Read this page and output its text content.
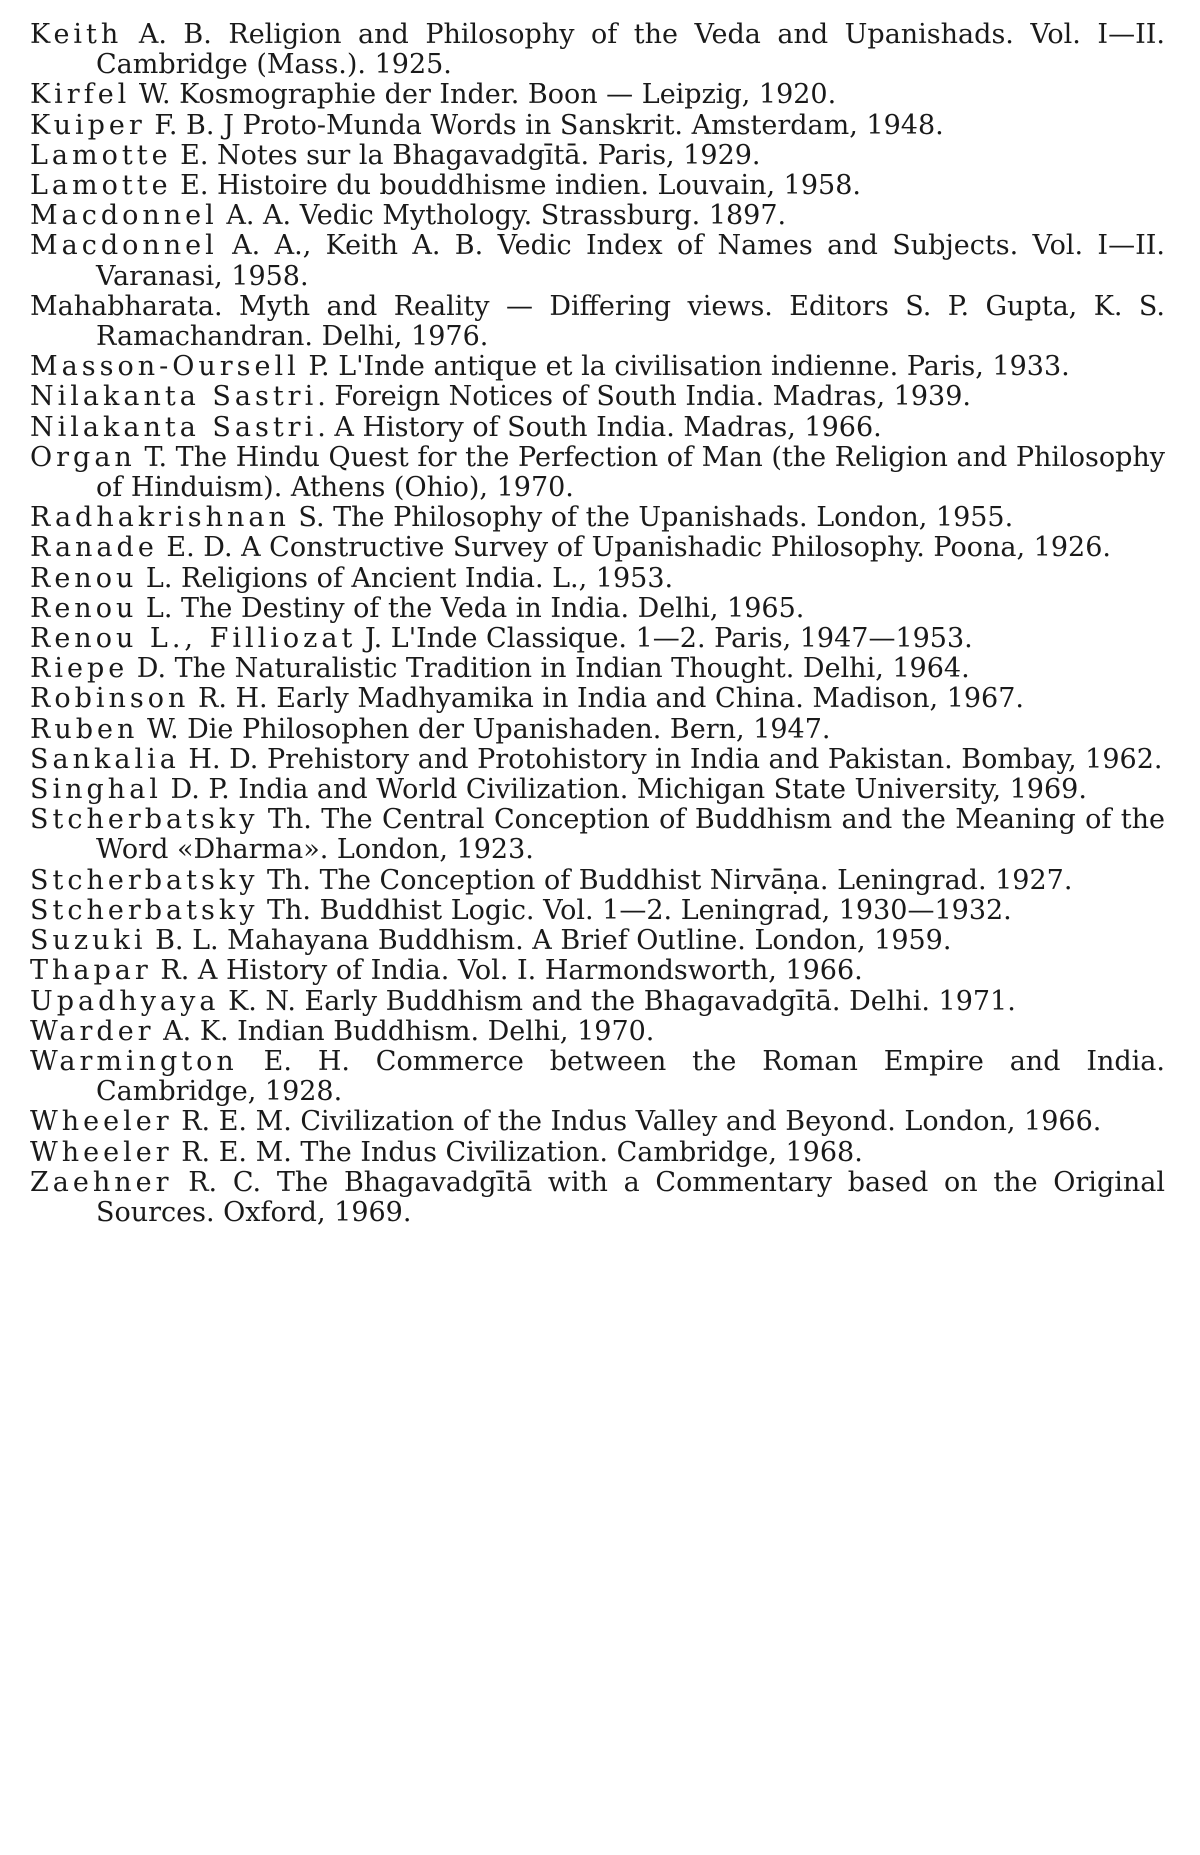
Keith A. B. Religion and Philosophy of the Veda and Upanishads. Vol. I—II. Cambridge (Mass.). 1925.

Kirfel W. Kosmographie der Inder. Boon — Leipzig, 1920.

Kuiper F. B. J Proto-Munda Words in Sanskrit. Amsterdam, 1948.

Lamotte E. Notes sur la Bhagavadgītā. Paris, 1929.

Lamotte E. Histoire du bouddhisme indien. Louvain, 1958.

Macdonnel A. A. Vedic Mythology. Strassburg. 1897.

Macdonnel A. A., Keith A. B. Vedic Index of Names and Subjects. Vol. I—II. Varanasi, 1958.

Mahabharata. Myth and Reality — Differing views. Editors S. P. Gupta, K. S. Ramachandran. Delhi, 1976.

Masson-Oursell P. L'Inde antique et la civilisation indienne. Paris, 1933.

Nilakanta Sastri. Foreign Notices of South India. Madras, 1939.

Nilakanta Sastri. A History of South India. Madras, 1966.

Organ T. The Hindu Quest for the Perfection of Man (the Religion and Philosophy of Hinduism). Athens (Ohio), 1970.

Radhakrishnan S. The Philosophy of the Upanishads. London, 1955.

Ranade E. D. A Constructive Survey of Upanishadic Philosophy. Poona, 1926.

Renou L. Religions of Ancient India. L., 1953.

Renou L. The Destiny of the Veda in India. Delhi, 1965.

Renou L., Filliozat J. L'Inde Classique. 1—2. Paris, 1947—1953.

Riepe D. The Naturalistic Tradition in Indian Thought. Delhi, 1964.

Robinson R. H. Early Madhyamika in India and China. Madison, 1967.

Ruben W. Die Philosophen der Upanishaden. Bern, 1947.

Sankalia H. D. Prehistory and Protohistory in India and Pakistan. Bombay, 1962.

Singhal D. P. India and World Civilization. Michigan State University, 1969.

Stcherbatsky Th. The Central Conception of Buddhism and the Meaning of the Word «Dharma». London, 1923.

Stcherbatsky Th. The Conception of Buddhist Nirvāṇa. Leningrad. 1927.

Stcherbatsky Th. Buddhist Logic. Vol. 1—2. Leningrad, 1930—1932.

Suzuki B. L. Mahayana Buddhism. A Brief Outline. London, 1959.

Thapar R. A History of India. Vol. I. Harmondsworth, 1966.

Upadhyaya K. N. Early Buddhism and the Bhagavadgītā. Delhi. 1971.

Warder A. K. Indian Buddhism. Delhi, 1970.

Warmington E. H. Commerce between the Roman Empire and India. Cambridge, 1928.

Wheeler R. E. M. Civilization of the Indus Valley and Beyond. London, 1966.

Wheeler R. E. M. The Indus Civilization. Cambridge, 1968.

Zaehner R. C. The Bhagavadgītā with a Commentary based on the Original Sources. Oxford, 1969.
